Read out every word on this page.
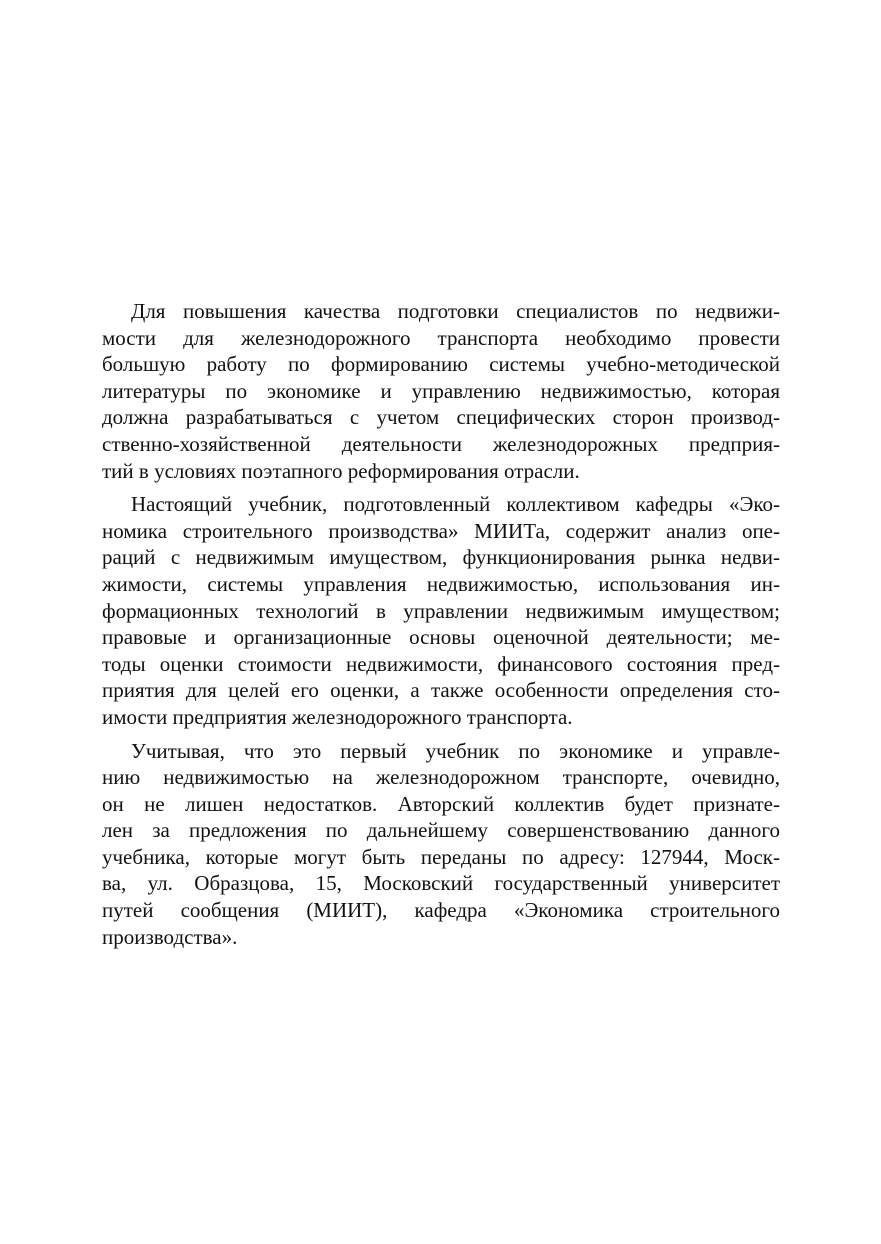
Для повышения качества подготовки специалистов по недвижи-
мости для железнодорожного транспорта необходимо провести
большую работу по формированию системы учебно-методической
литературы по экономике и управлению недвижимостью, которая
должна разрабатываться с учетом специфических сторон производ-
ственно-хозяйственной деятельности железнодорожных предприя-
тий в условиях поэтапного реформирования отрасли.

Настоящий учебник, подготовленный коллективом кафедры «Эко-
номика строительного производства» МИИТа, содержит анализ опе-
раций с недвижимым имуществом, функционирования рынка недви-
жимости, системы управления недвижимостью, использования ин-
формационных технологий в управлении недвижимым имуществом;
правовые и организационные основы оценочной деятельности; ме-
тоды оценки стоимости недвижимости, финансового состояния пред-
приятия для целей его оценки, а также особенности определения сто-
имости предприятия железнодорожного транспорта.

Учитывая, что это первый учебник по экономике и управле-
нию недвижимостью на железнодорожном транспорте, очевидно,
он не лишен недостатков. Авторский коллектив будет признате-
лен за предложения по дальнейшему совершенствованию данного
учебника, которые могут быть переданы по адресу: 127944, Моск-
ва, ул. Образцова, 15, Московский государственный университет
путей сообщения (МИИТ), кафедра «Экономика строительного
производства».
